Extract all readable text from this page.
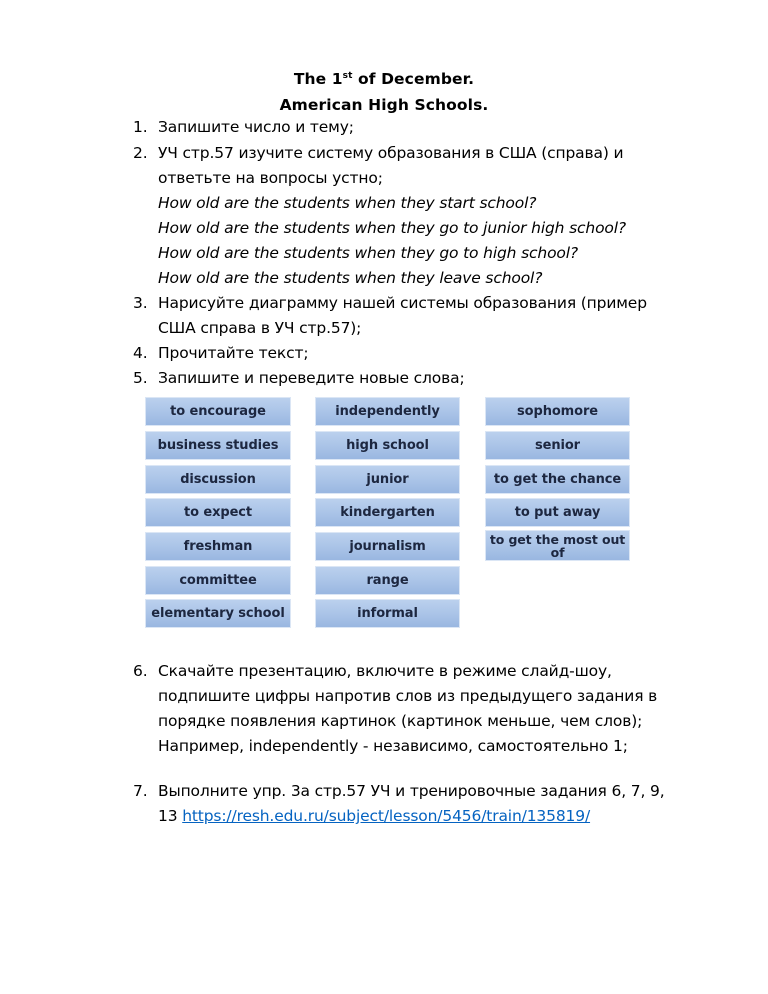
The 1st of December.
American High Schools.
1. Запишите число и тему;
2. УЧ стр.57 изучите систему образования в США (справа) и
ответьте на вопросы устно;
How old are the students when they start school?
How old are the students when they go to junior high school?
How old are the students when they go to high school?
How old are the students when they leave school?
3. Нарисуйте диаграмму нашей системы образования (пример
США справа в УЧ стр.57);
4. Прочитайте текст;
5. Запишите и переведите новые слова;
to encourage
business studies
discussion
to expect
freshman
committee
elementary school
independently
high school
junior
kindergarten
journalism
range
informal
sophomore
senior
to get the chance
to put away
to get the most out of
6. Скачайте презентацию, включите в режиме слайд-шоу,
подпишите цифры напротив слов из предыдущего задания в
порядке появления картинок (картинок меньше, чем слов);
Например, independently - независимо, самостоятельно 1;
7. Выполните упр. 3а стр.57 УЧ и тренировочные задания 6, 7, 9,
13 https://resh.edu.ru/subject/lesson/5456/train/135819/
